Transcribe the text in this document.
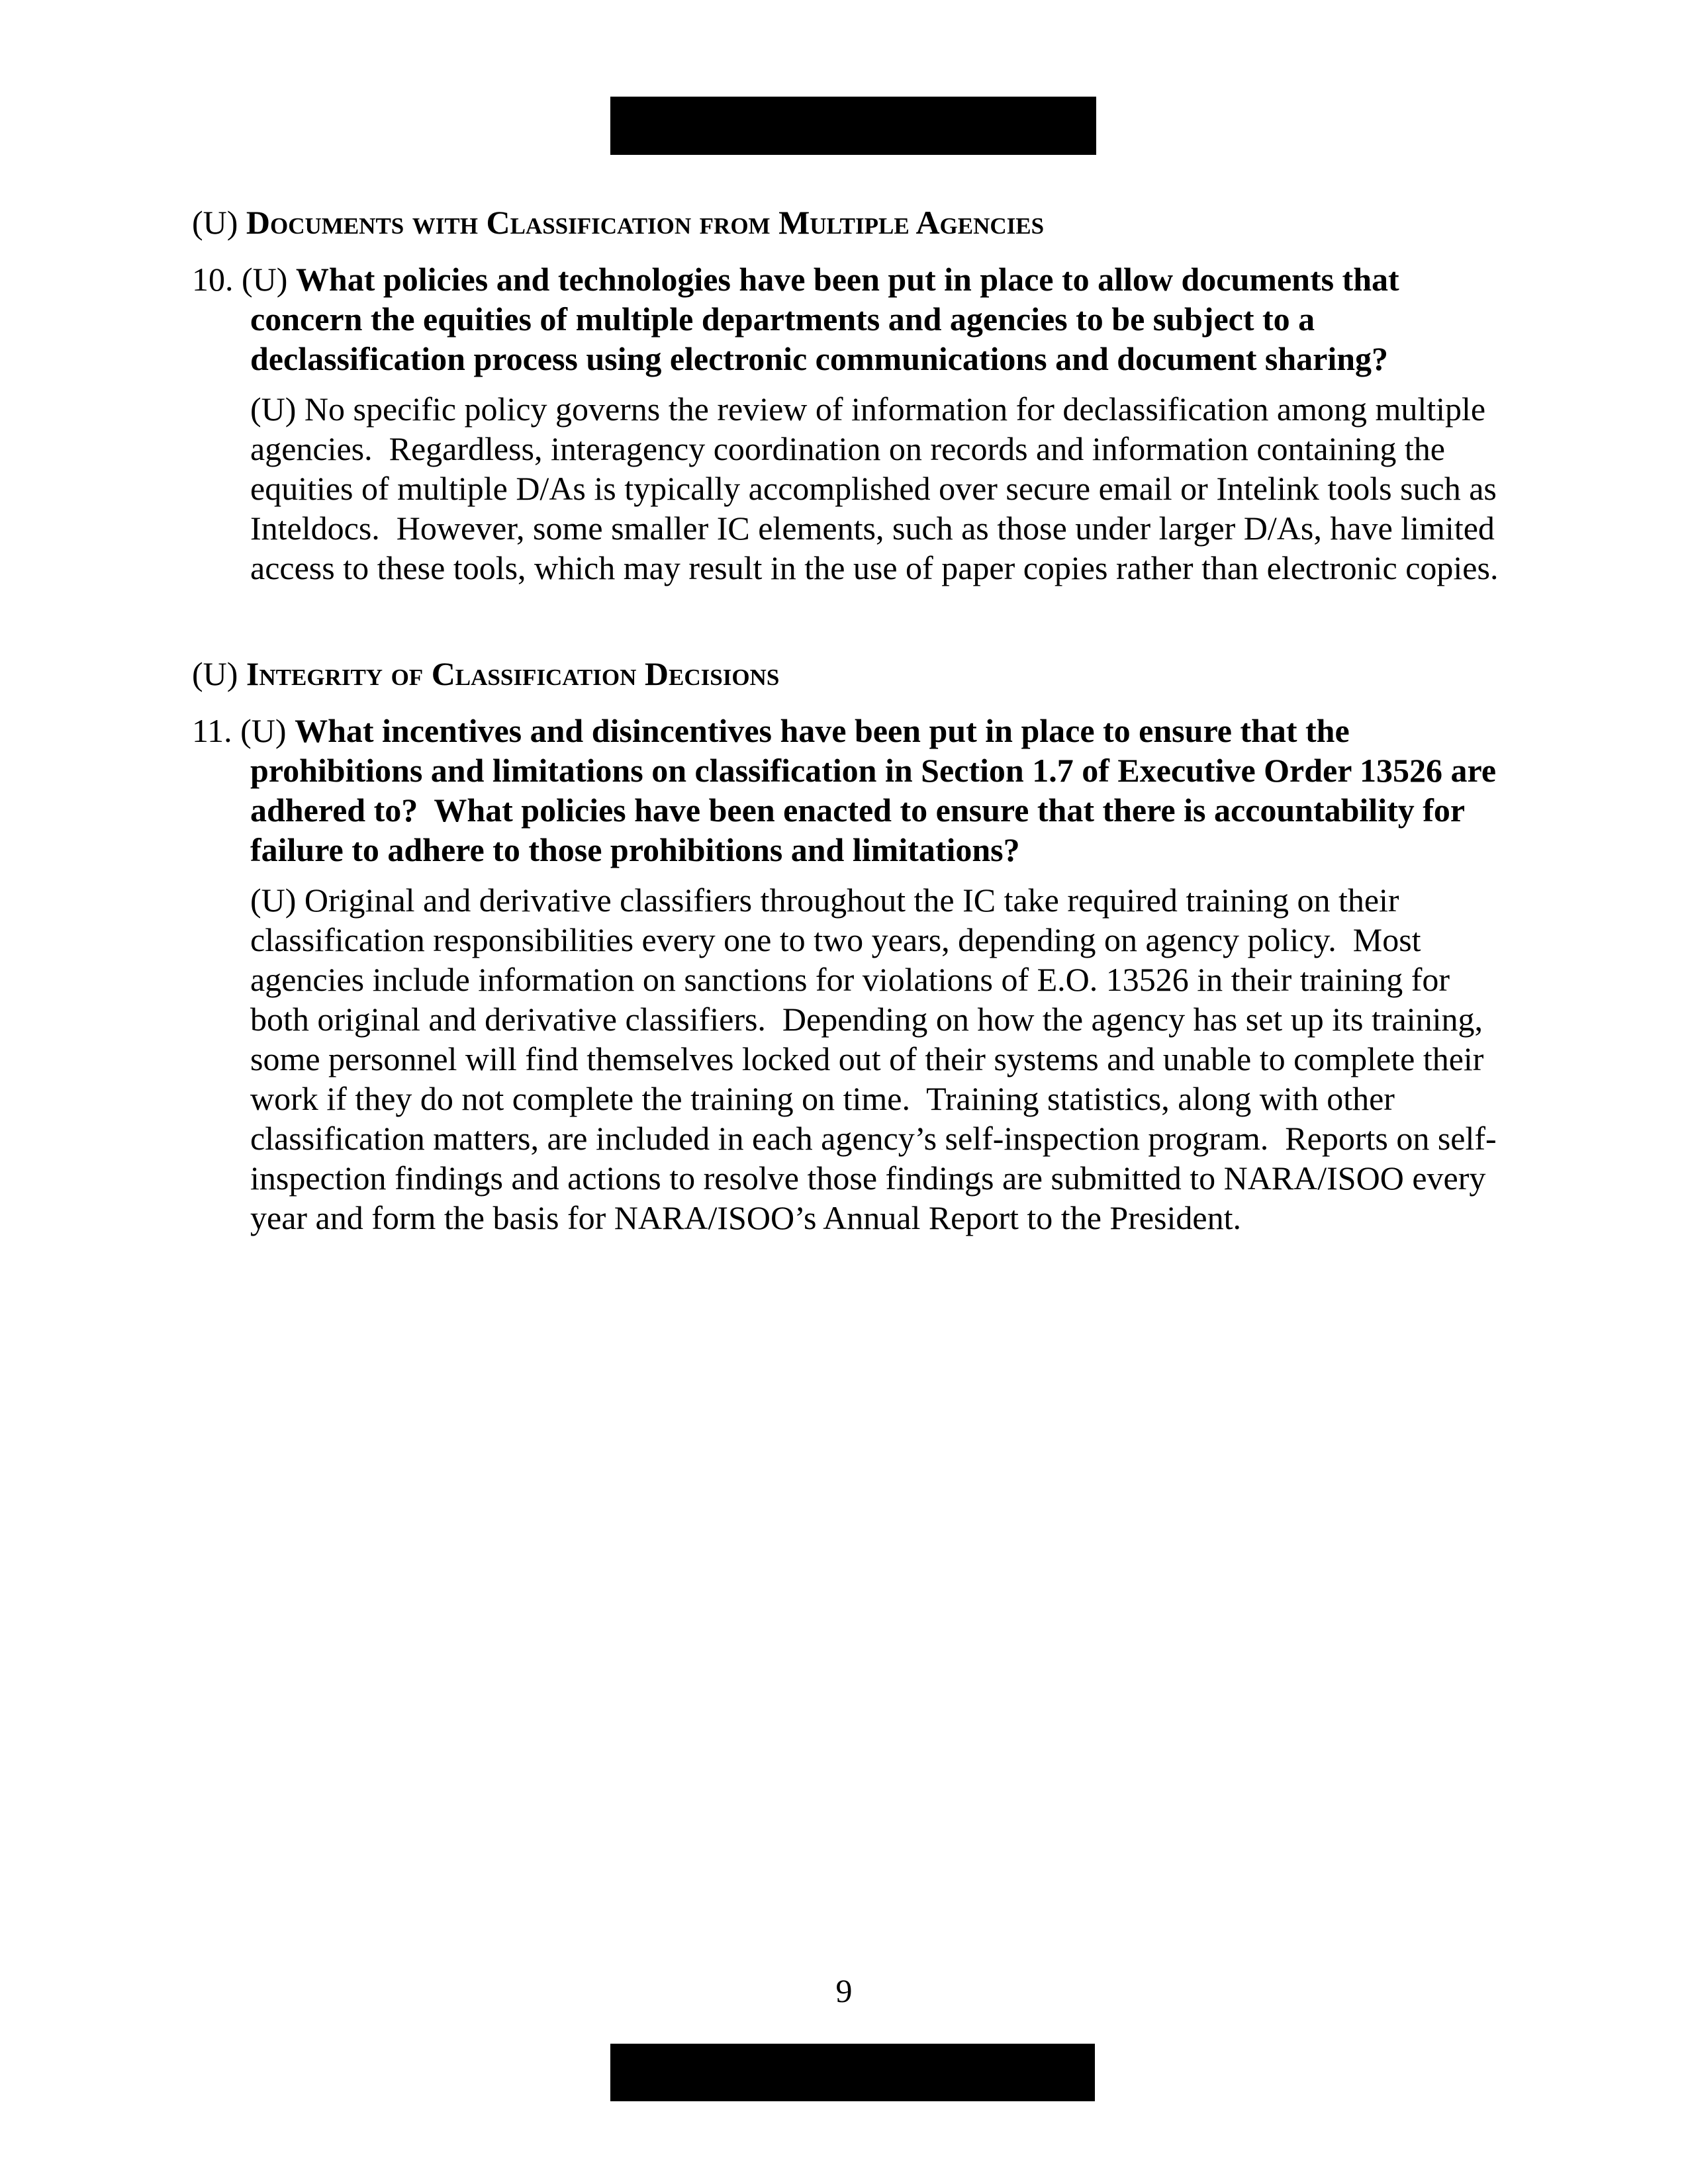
(U) Documents with Classification from Multiple Agencies
10. (U) What policies and technologies have been put in place to allow documents that concern the equities of multiple departments and agencies to be subject to a declassification process using electronic communications and document sharing?
(U) No specific policy governs the review of information for declassification among multiple agencies.  Regardless, interagency coordination on records and information containing the equities of multiple D/As is typically accomplished over secure email or Intelink tools such as Inteldocs.  However, some smaller IC elements, such as those under larger D/As, have limited access to these tools, which may result in the use of paper copies rather than electronic copies.
(U) Integrity of Classification Decisions
11. (U) What incentives and disincentives have been put in place to ensure that the prohibitions and limitations on classification in Section 1.7 of Executive Order 13526 are adhered to?  What policies have been enacted to ensure that there is accountability for failure to adhere to those prohibitions and limitations?
(U) Original and derivative classifiers throughout the IC take required training on their classification responsibilities every one to two years, depending on agency policy.  Most agencies include information on sanctions for violations of E.O. 13526 in their training for both original and derivative classifiers.  Depending on how the agency has set up its training, some personnel will find themselves locked out of their systems and unable to complete their work if they do not complete the training on time.  Training statistics, along with other classification matters, are included in each agency’s self-inspection program.  Reports on self-inspection findings and actions to resolve those findings are submitted to NARA/ISOO every year and form the basis for NARA/ISOO’s Annual Report to the President.
9
